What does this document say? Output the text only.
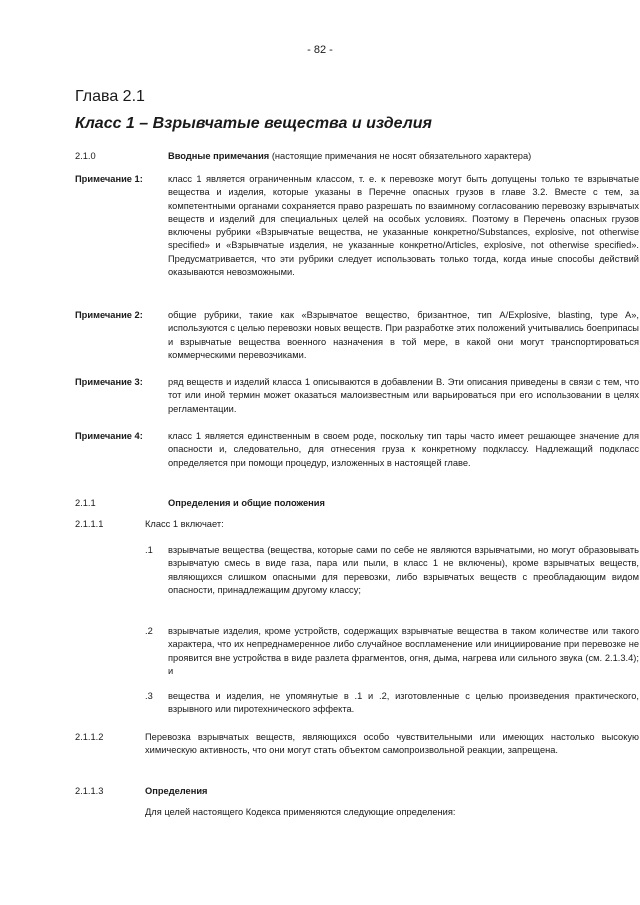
- 82 -
Глава 2.1
Класс 1 – Взрывчатые вещества и изделия
2.1.0	Вводные примечания (настоящие примечания не носят обязательного характера)
Примечание 1:	класс 1 является ограниченным классом, т. е. к перевозке могут быть допущены только те взрывчатые вещества и изделия, которые указаны в Перечне опасных грузов в главе 3.2. Вместе с тем, за компетентными органами сохраняется право разрешать по взаимному согласованию перевозку взрывчатых веществ и изделий для специальных целей на особых условиях. Поэтому в Перечень опасных грузов включены рубрики «Взрывчатые вещества, не указанные конкретно/Substances, explosive, not otherwise specified» и «Взрывчатые изделия, не указанные конкретно/Articles, explosive, not otherwise specified». Предусматривается, что эти рубрики следует использовать только тогда, когда иные способы действий оказываются невозможными.
Примечание 2:	общие рубрики, такие как «Взрывчатое вещество, бризантное, тип A/Explosive, blasting, type A», используются с целью перевозки новых веществ. При разработке этих положений учитывались боеприпасы и взрывчатые вещества военного назначения в той мере, в какой они могут транспортироваться коммерческими перевозчиками.
Примечание 3:	ряд веществ и изделий класса 1 описываются в добавлении B. Эти описания приведены в связи с тем, что тот или иной термин может оказаться малоизвестным или варьироваться при его использовании в целях регламентации.
Примечание 4:	класс 1 является единственным в своем роде, поскольку тип тары часто имеет решающее значение для опасности и, следовательно, для отнесения груза к конкретному подклассу. Надлежащий подкласс определяется при помощи процедур, изложенных в настоящей главе.
2.1.1	Определения и общие положения
2.1.1.1	Класс 1 включает:
.1 взрывчатые вещества (вещества, которые сами по себе не являются взрывчатыми, но могут образовывать взрывчатую смесь в виде газа, пара или пыли, в класс 1 не включены), кроме взрывчатых веществ, являющихся слишком опасными для перевозки, либо взрывчатых веществ с преобладающим видом опасности, принадлежащим другому классу;
.2 взрывчатые изделия, кроме устройств, содержащих взрывчатые вещества в таком количестве или такого характера, что их непреднамеренное либо случайное воспламенение или инициирование при перевозке не проявится вне устройства в виде разлета фрагментов, огня, дыма, нагрева или сильного звука (см. 2.1.3.4); и
.3 вещества и изделия, не упомянутые в .1 и .2, изготовленные с целью произведения практического, взрывного или пиротехнического эффекта.
2.1.1.2	Перевозка взрывчатых веществ, являющихся особо чувствительными или имеющих настолько высокую химическую активность, что они могут стать объектом самопроизвольной реакции, запрещена.
2.1.1.3	Определения
Для целей настоящего Кодекса применяются следующие определения:
